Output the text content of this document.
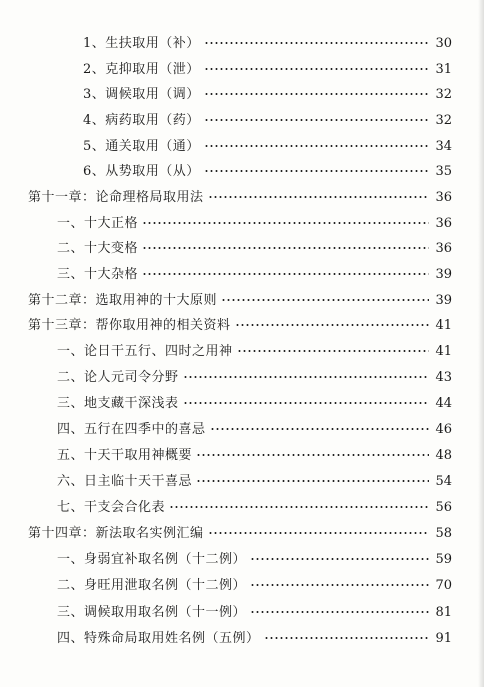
1、生扶取用（补）	30
2、克抑取用（泄）	31
3、调候取用（调）	32
4、病药取用（药）	32
5、通关取用（通）	34
6、从势取用（从）	35
第十一章：论命理格局取用法	36
一、十大正格	36
二、十大变格	36
三、十大杂格	39
第十二章：选取用神的十大原则	39
第十三章：帮你取用神的相关资料	41
一、论日干五行、四时之用神	41
二、论人元司令分野	43
三、地支藏干深浅表	44
四、五行在四季中的喜忌	46
五、十天干取用神概要	48
六、日主临十天干喜忌	54
七、干支会合化表	56
第十四章：新法取名实例汇编	58
一、身弱宜补取名例（十二例）	59
二、身旺用泄取名例（十二例）	70
三、调候取用取名例（十一例）	81
四、特殊命局取用姓名例（五例）	91
